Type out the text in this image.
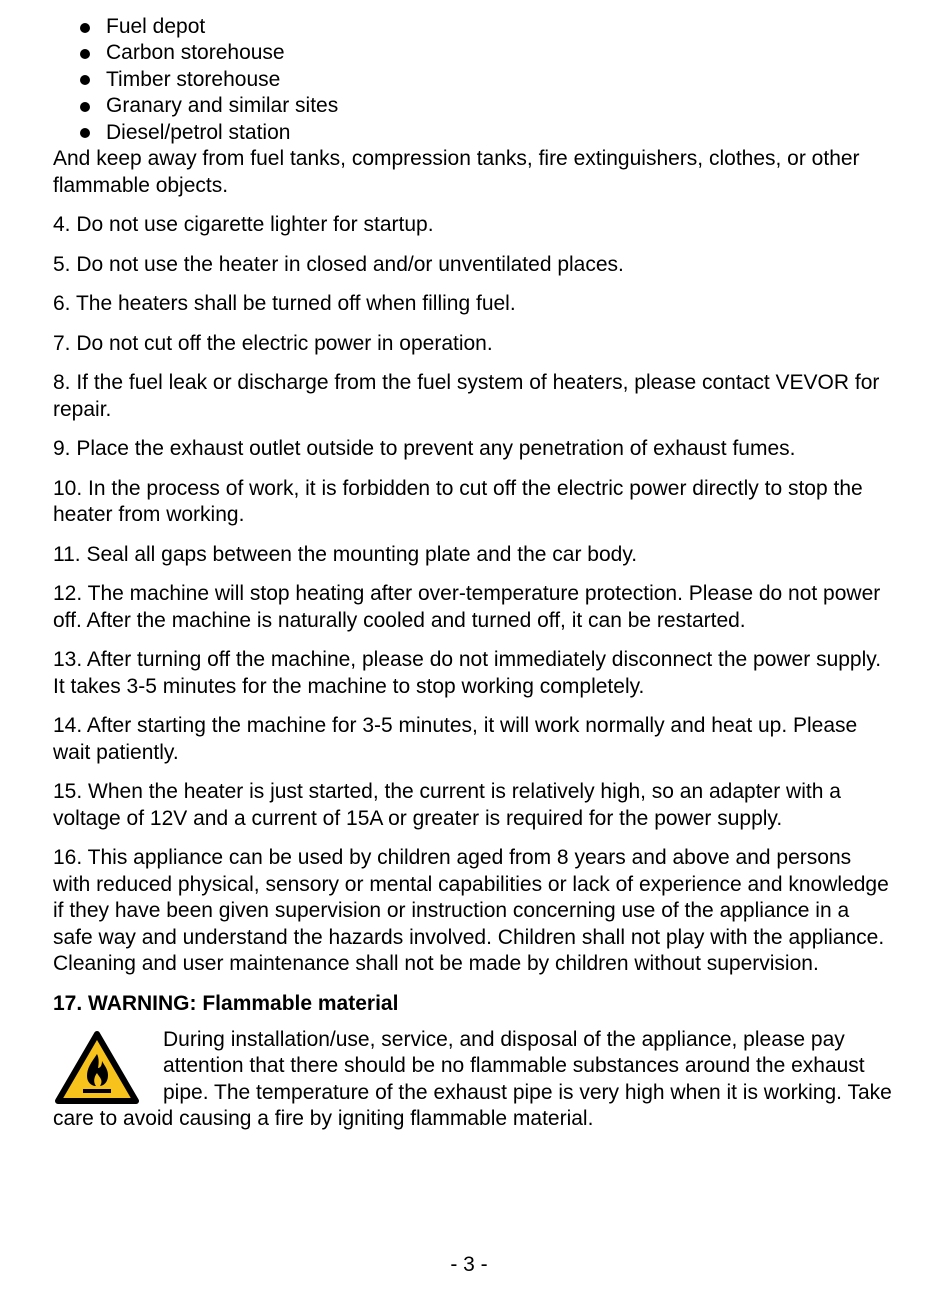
Fuel depot
Carbon storehouse
Timber storehouse
Granary and similar sites
Diesel/petrol station

And keep away from fuel tanks, compression tanks, fire extinguishers, clothes, or other flammable objects.

4. Do not use cigarette lighter for startup.

5. Do not use the heater in closed and/or unventilated places.

6. The heaters shall be turned off when filling fuel.

7. Do not cut off the electric power in operation.

8. If the fuel leak or discharge from the fuel system of heaters, please contact VEVOR for repair.

9. Place the exhaust outlet outside to prevent any penetration of exhaust fumes.

10. In the process of work, it is forbidden to cut off the electric power directly to stop the heater from working.

11. Seal all gaps between the mounting plate and the car body.

12. The machine will stop heating after over-temperature protection. Please do not power off. After the machine is naturally cooled and turned off, it can be restarted.

13. After turning off the machine, please do not immediately disconnect the power supply. It takes 3-5 minutes for the machine to stop working completely.

14. After starting the machine for 3-5 minutes, it will work normally and heat up. Please wait patiently.

15. When the heater is just started, the current is relatively high, so an adapter with a voltage of 12V and a current of 15A or greater is required for the power supply.

16. This appliance can be used by children aged from 8 years and above and persons with reduced physical, sensory or mental capabilities or lack of experience and knowledge if they have been given supervision or instruction concerning use of the appliance in a safe way and understand the hazards involved. Children shall not play with the appliance. Cleaning and user maintenance shall not be made by children without supervision.

17. WARNING: Flammable material
During installation/use, service, and disposal of the appliance, please pay attention that there should be no flammable substances around the exhaust pipe. The temperature of the exhaust pipe is very high when it is working. Take care to avoid causing a fire by igniting flammable material.
- 3 -
